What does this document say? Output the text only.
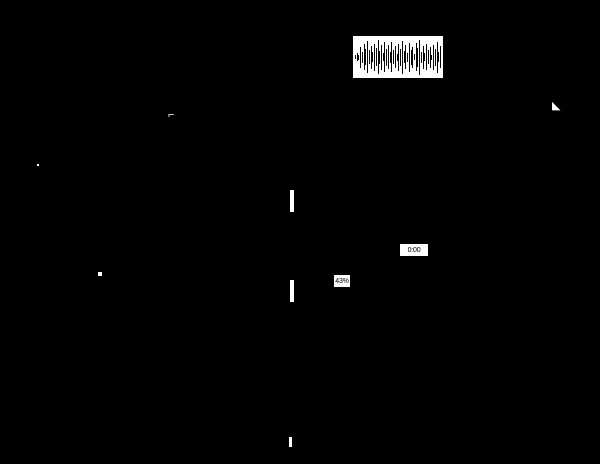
⌐
◣
0:00
43%
